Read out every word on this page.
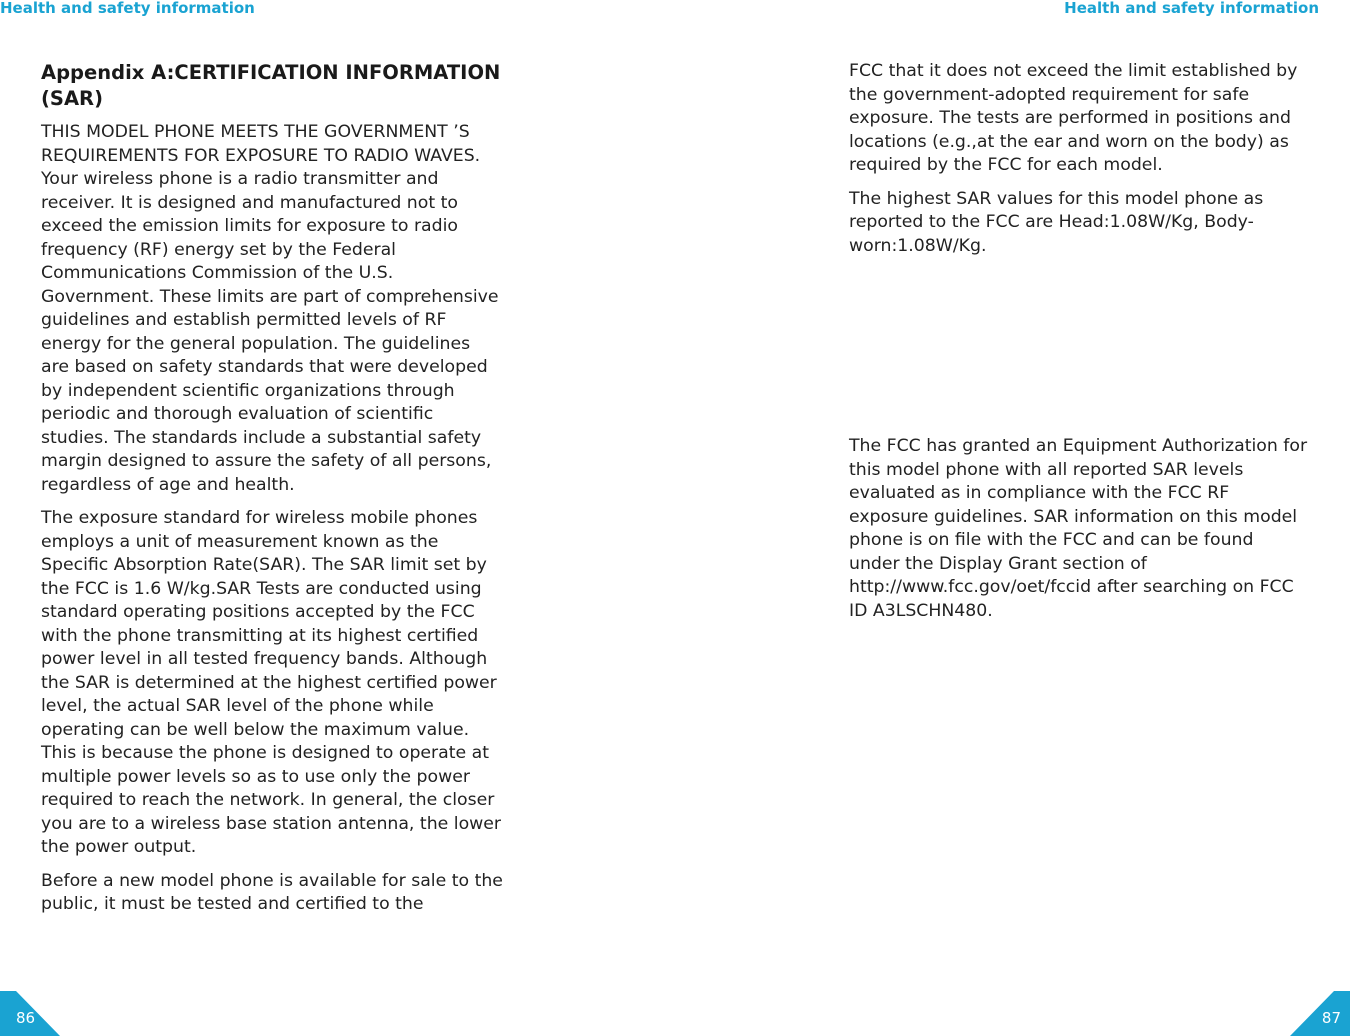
Health and safety information	Health and safety information
Appendix A:CERTIFICATION INFORMATION (SAR)

THIS MODEL PHONE MEETS THE GOVERNMENT ’S REQUIREMENTS FOR EXPOSURE TO RADIO WAVES. Your wireless phone is a radio transmitter and receiver. It is designed and manufactured not to exceed the emission limits for exposure to radio frequency (RF) energy set by the Federal Communications Commission of the U.S. Government. These limits are part of comprehensive guidelines and establish permitted levels of RF energy for the general population. The guidelines are based on safety standards that were developed by independent scientific organizations through periodic and thorough evaluation of scientific studies. The standards include a substantial safety margin designed to assure the safety of all persons, regardless of age and health.

The exposure standard for wireless mobile phones employs a unit of measurement known as the Specific Absorption Rate(SAR). The SAR limit set by the FCC is 1.6 W/kg.SAR Tests are conducted using standard operating positions accepted by the FCC with the phone transmitting at its highest certified power level in all tested frequency bands. Although the SAR is determined at the highest certified power level, the actual SAR level of the phone while operating can be well below the maximum value. This is because the phone is designed to operate at multiple power levels so as to use only the power required to reach the network. In general, the closer you are to a wireless base station antenna, the lower the power output.

Before a new model phone is available for sale to the public, it must be tested and certified to the

FCC that it does not exceed the limit established by the government-adopted requirement for safe exposure. The tests are performed in positions and locations (e.g.,at the ear and worn on the body) as required by the FCC for each model.

The highest SAR values for this model phone as reported to the FCC are Head:1.08W/Kg, Body-worn:1.08W/Kg.

The FCC has granted an Equipment Authorization for this model phone with all reported SAR levels evaluated as in compliance with the FCC RF exposure guidelines. SAR information on this model phone is on file with the FCC and can be found under the Display Grant section of http://www.fcc.gov/oet/fccid after searching on FCC ID A3LSCHN480.

86	87
